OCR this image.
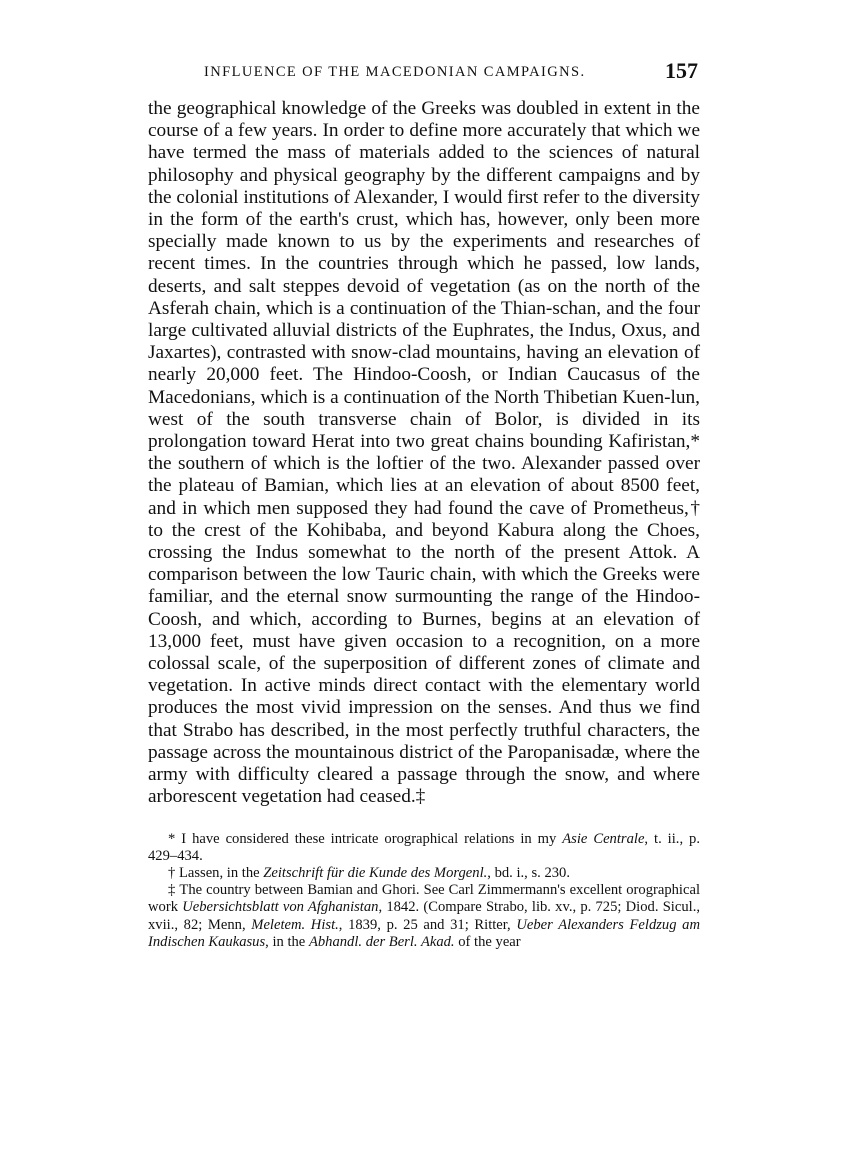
INFLUENCE OF THE MACEDONIAN CAMPAIGNS.	157

the geographical knowledge of the Greeks was doubled in extent in the course of a few years. In order to define more accurately that which we have termed the mass of materials added to the sciences of natural philosophy and physical geography by the different campaigns and by the colonial institutions of Alexander, I would first refer to the diversity in the form of the earth's crust, which has, however, only been more specially made known to us by the experiments and researches of recent times. In the countries through which he passed, low lands, deserts, and salt steppes devoid of vegetation (as on the north of the Asferah chain, which is a continuation of the Thian-schan, and the four large cultivated alluvial districts of the Euphrates, the Indus, Oxus, and Jaxartes), contrasted with snow-clad mountains, having an elevation of nearly 20,000 feet. The Hindoo-Coosh, or Indian Caucasus of the Macedonians, which is a continuation of the North Thibetian Kuen-lun, west of the south transverse chain of Bolor, is divided in its prolongation toward Herat into two great chains bounding Kafiristan,* the southern of which is the loftier of the two. Alexander passed over the plateau of Bamian, which lies at an elevation of about 8500 feet, and in which men supposed they had found the cave of Prometheus,† to the crest of the Kohibaba, and beyond Kabura along the Choes, crossing the Indus somewhat to the north of the present Attok. A comparison between the low Tauric chain, with which the Greeks were familiar, and the eternal snow surmounting the range of the Hindoo-Coosh, and which, according to Burnes, begins at an elevation of 13,000 feet, must have given occasion to a recognition, on a more colossal scale, of the superposition of different zones of climate and vegetation. In active minds direct contact with the elementary world produces the most vivid impression on the senses. And thus we find that Strabo has described, in the most perfectly truthful characters, the passage across the mountainous district of the Paropanisadæ, where the army with difficulty cleared a passage through the snow, and where arborescent vegetation had ceased.‡

* I have considered these intricate orographical relations in my Asie Centrale, t. ii., p. 429–434.

† Lassen, in the Zeitschrift für die Kunde des Morgenl., bd. i., s. 230.

‡ The country between Bamian and Ghori. See Carl Zimmermann's excellent orographical work Uebersichtsblatt von Afghanistan, 1842. (Compare Strabo, lib. xv., p. 725; Diod. Sicul., xvii., 82; Menn, Meletem. Hist., 1839, p. 25 and 31; Ritter, Ueber Alexanders Feldzug am Indischen Kaukasus, in the Abhandl. der Berl. Akad. of the year
